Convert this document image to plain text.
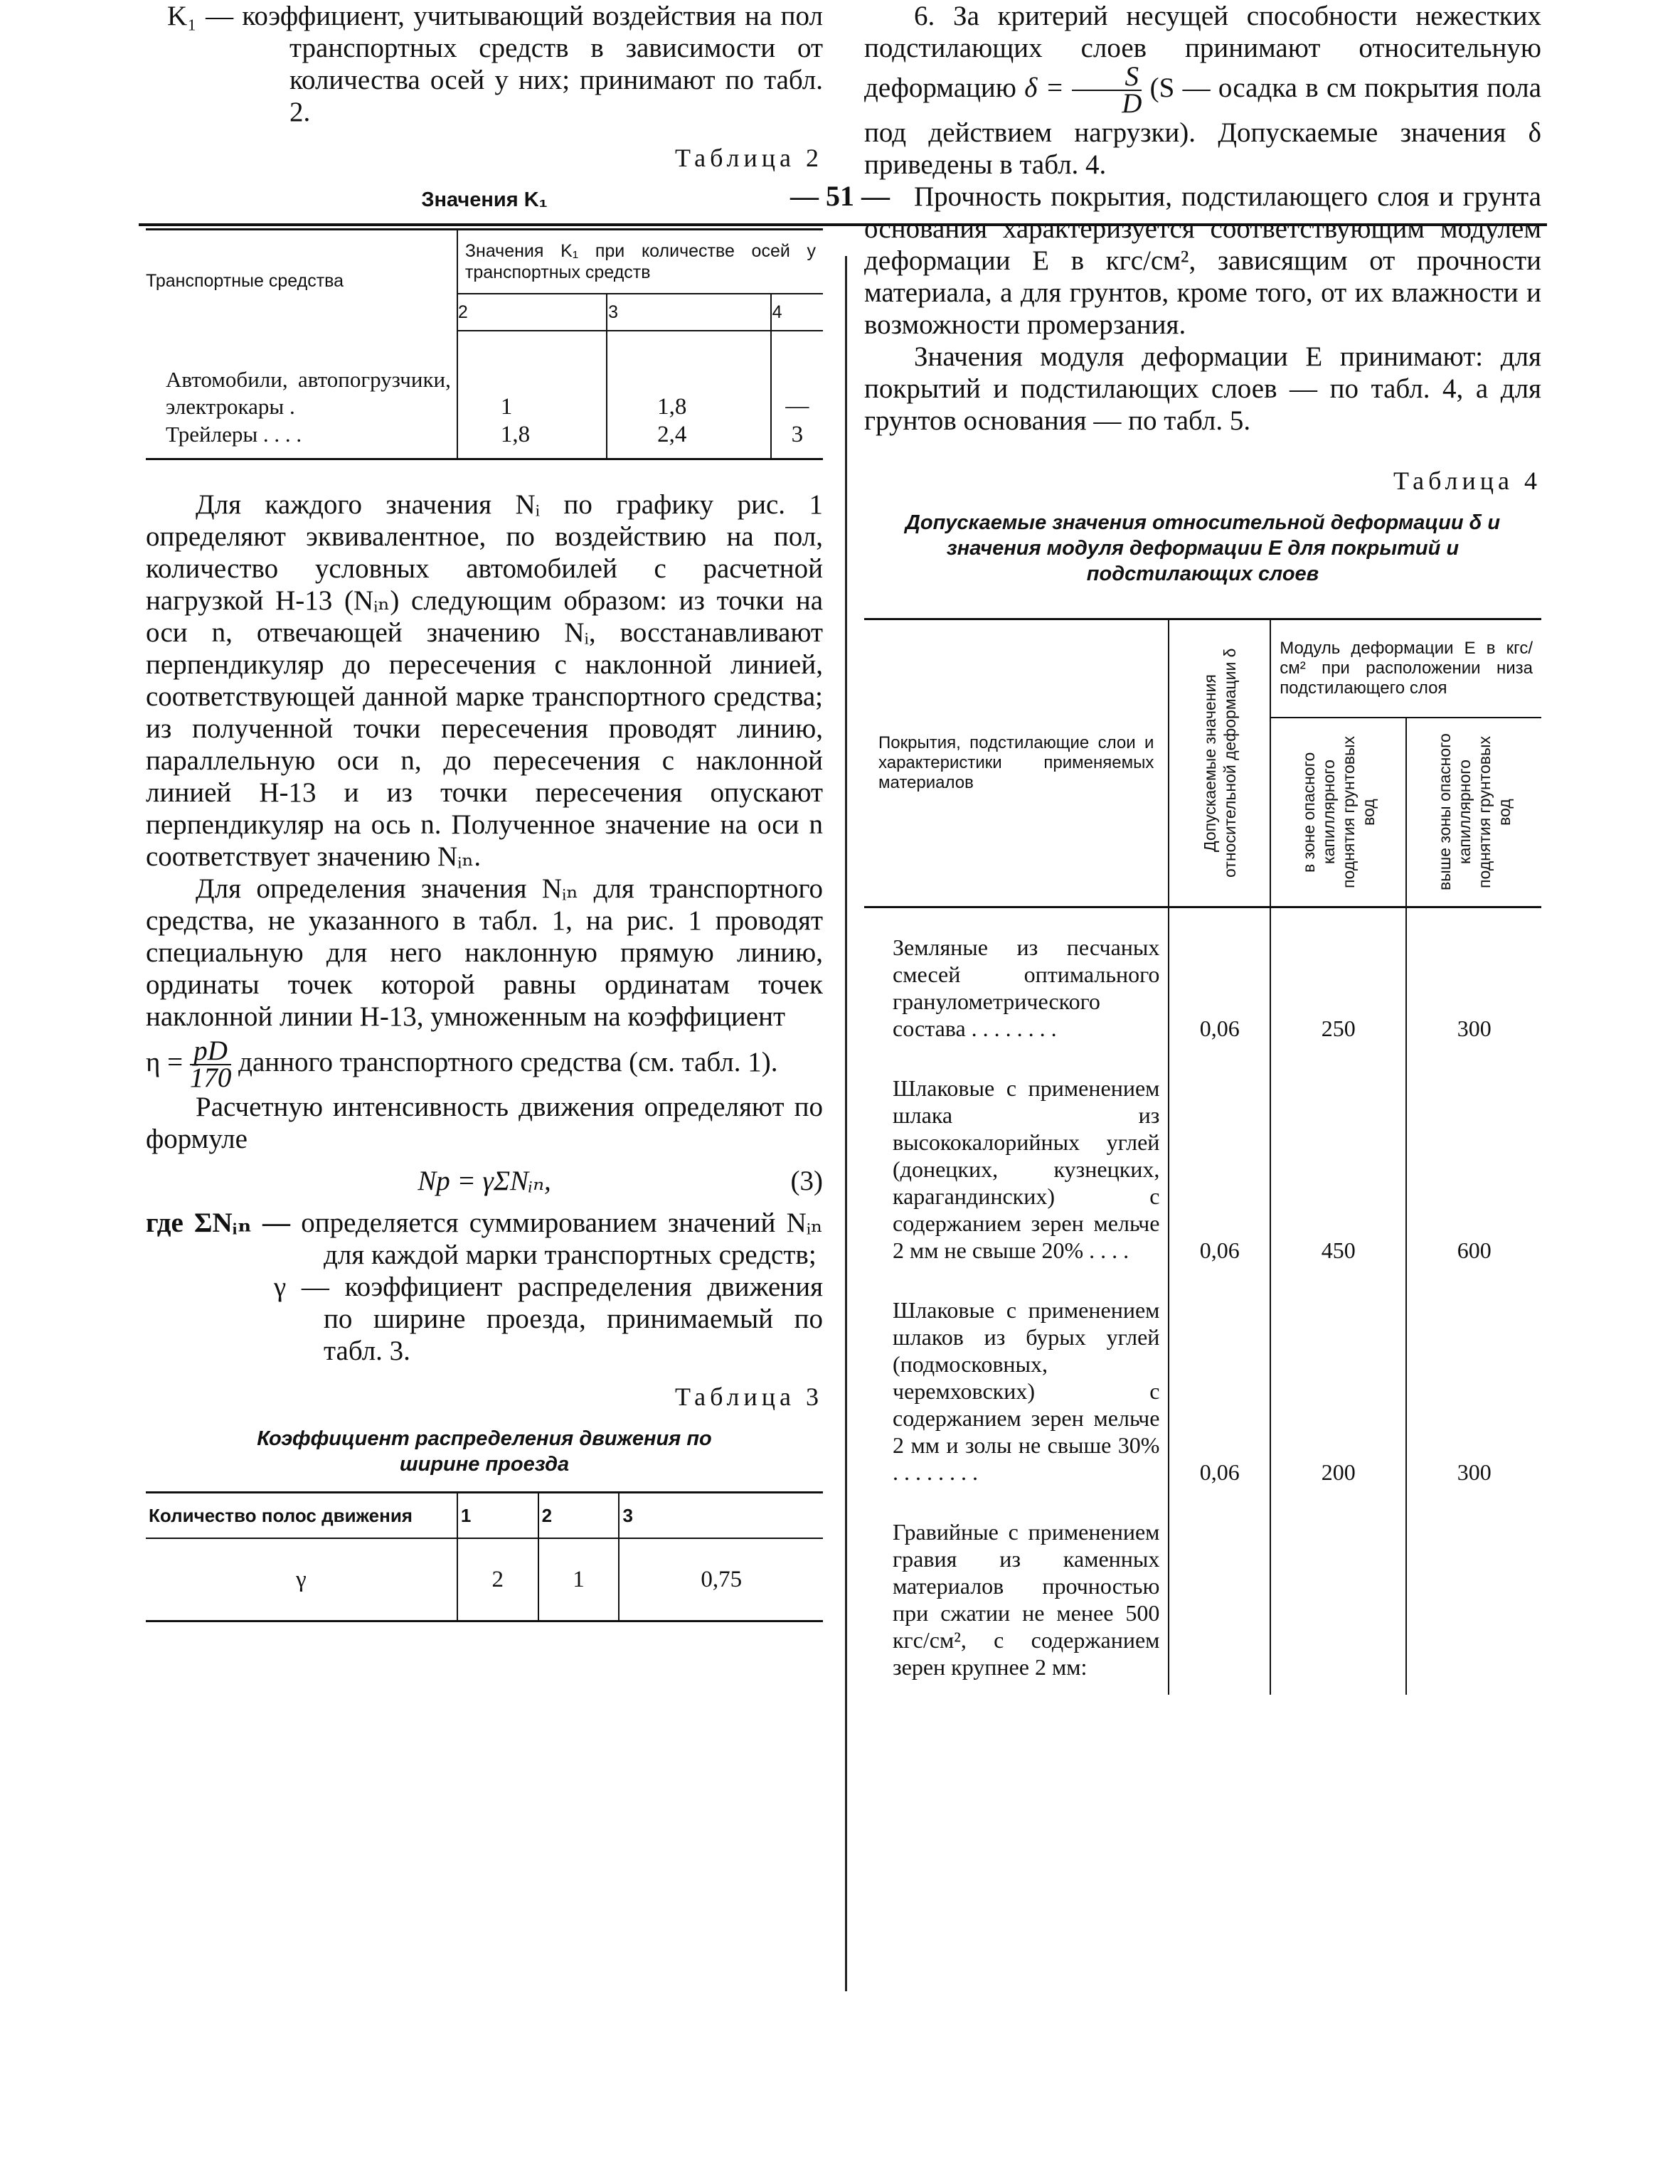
— 51 —

K₁ — коэффициент, учитывающий воздействия на пол транспортных средств в зависимости от количества осей у них; принимают по табл. 2.

Таблица 2
Значения K₁
Транспортные средства	Значения K₁ при количестве осей у транспортных средств		
	2	3	4
Автомобили, автопогрузчики, электрокары .	1	1,8	—
Трейлеры . . . .	1,8	2,4	3

Для каждого значения Nᵢ по графику рис. 1 определяют эквивалентное, по воздействию на пол, количество условных автомобилей с расчетной нагрузкой Н-13 (Nᵢₙ) следующим образом: из точки на оси n, отвечающей значению Nᵢ, восстанавливают перпендикуляр до пересечения с наклонной линией, соответствующей данной марке транспортного средства; из полученной точки пересечения проводят линию, параллельную оси n, до пересечения с наклонной линией Н-13 и из точки пересечения опускают перпендикуляр на ось n. Полученное значение на оси n соответствует значению Nᵢₙ.

Для определения значения Nᵢₙ для транспортного средства, не указанного в табл. 1, на рис. 1 проводят специальную для него наклонную прямую линию, ординаты точек которой равны ординатам точек наклонной линии Н-13, умноженным на коэффициент

$\eta = \frac{pD}{170}$ данного транспортного средства (см. табл. 1).

Расчетную интенсивность движения определяют по формуле

Nр = γΣNᵢₙ,	(3)

где ΣNᵢₙ — определяется суммированием значений Nᵢₙ для каждой марки транспортных средств;

γ — коэффициент распределения движения по ширине проезда, принимаемый по табл. 3.

Таблица 3
Коэффициент распределения движения по ширине проезда
Количество полос движения	1	2	3
γ	2	1	0,75

6. За критерий несущей способности нежестких подстилающих слоев принимают относительную деформацию $\delta = \frac{S}{D} (S$ — осадка в см покрытия пола под действием нагрузки). Допускаемые значения δ приведены в табл. 4.

Прочность покрытия, подстилающего слоя и грунта основания характеризуется соответствующим модулем деформации E в кгс/см², зависящим от прочности материала, а для грунтов, кроме того, от их влажности и возможности промерзания.

Значения модуля деформации E принимают: для покрытий и подстилающих слоев — по табл. 4, а для грунтов основания — по табл. 5.

Таблица 4
Допускаемые значения относительной деформации δ и значения модуля деформации E для покрытий и подстилающих слоев
Покрытия, подстилающие слои и характеристики применяемых материалов	Допускаемые значения относительной деформации δ	Модуль деформации E в кгс/см² при расположении низа подстилающего слоя	

		в зоне опасного капиллярного поднятия грунтовых вод	выше зоны опасного капиллярного поднятия грунтовых вод

Земляные из песчаных смесей оптимального гранулометрического состава . . . . . . . .	0,06	250	300
Шлаковые с применением шлака из высококалорийных углей (донецких, кузнецких, карагандинских) с содержанием зерен мельче 2 мм не свыше 20% . . . .	0,06	450	600
Шлаковые с применением шлаков из бурых углей (подмосковных, черемховских) с содержанием зерен мельче 2 мм и золы не свыше 30% . . . . . . . .	0,06	200	300
Гравийные с применением гравия из каменных материалов прочностью при сжатии не менее 500 кгс/см², с содержанием зерен крупнее 2 мм:			
